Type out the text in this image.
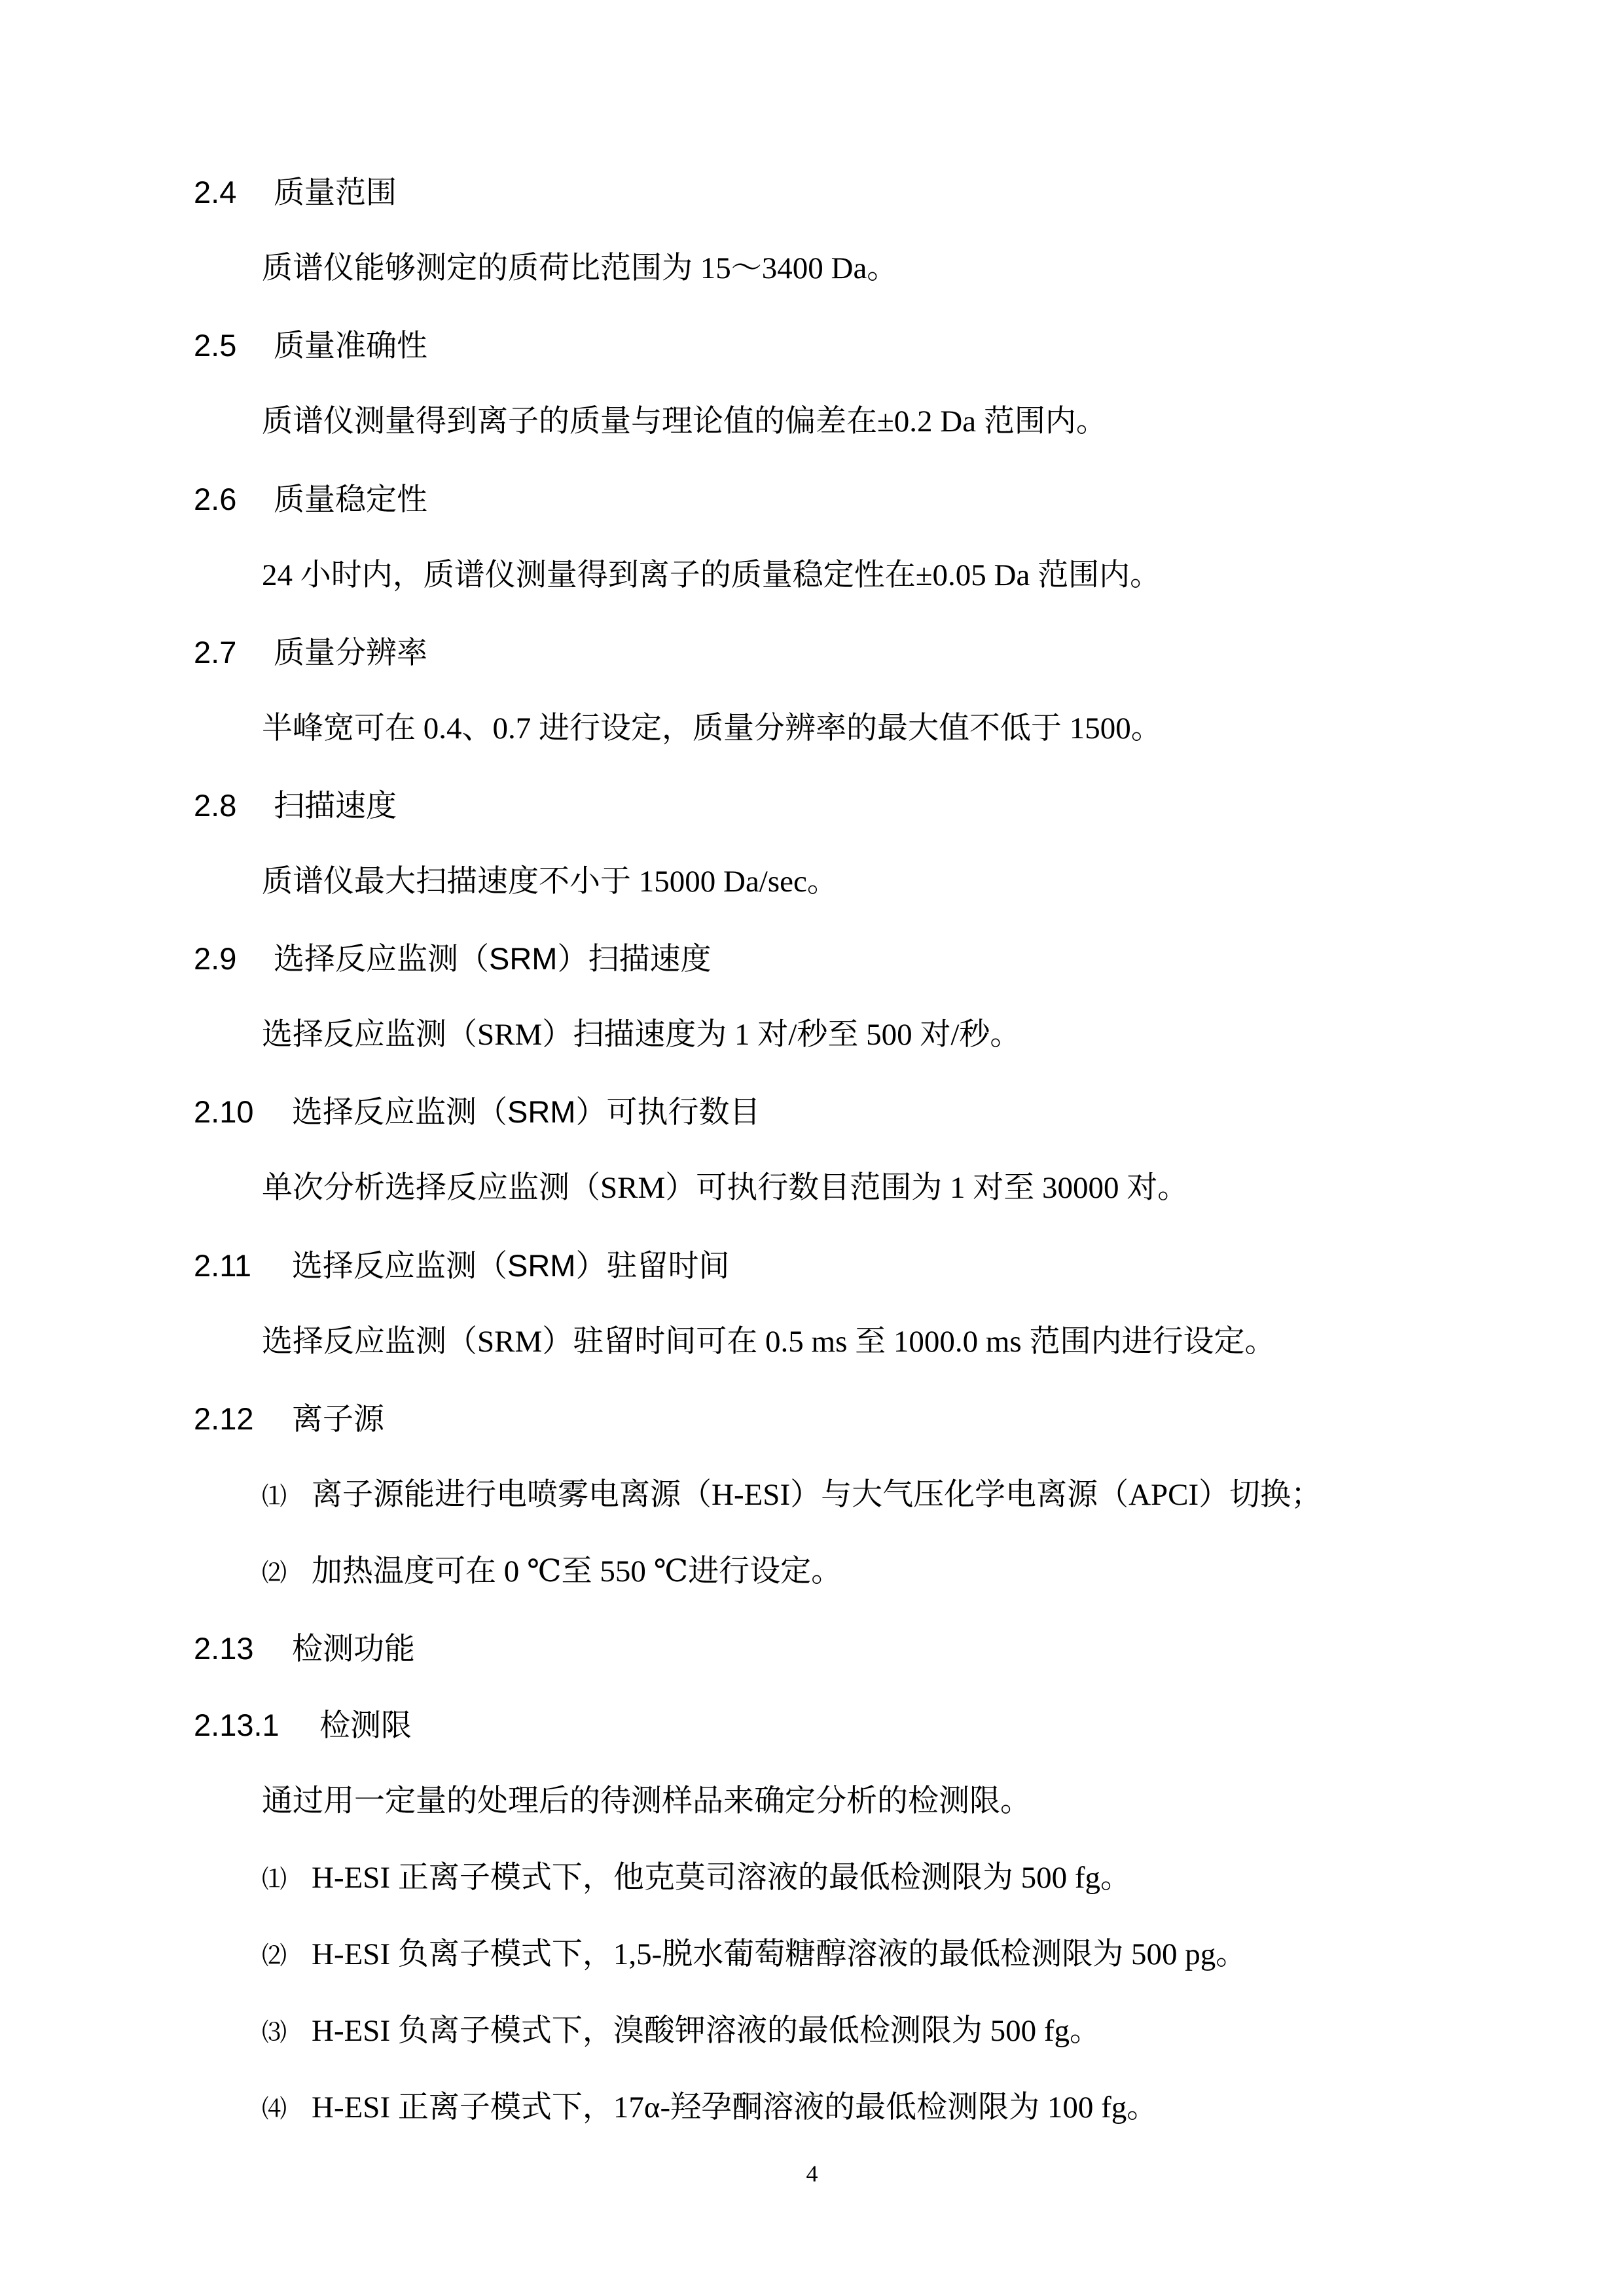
2.4 质量范围
质谱仪能够测定的质荷比范围为 15～3400 Da。
2.5 质量准确性
质谱仪测量得到离子的质量与理论值的偏差在±0.2 Da 范围内。
2.6 质量稳定性
24 小时内，质谱仪测量得到离子的质量稳定性在±0.05 Da 范围内。
2.7 质量分辨率
半峰宽可在 0.4、0.7 进行设定，质量分辨率的最大值不低于 1500。
2.8 扫描速度
质谱仪最大扫描速度不小于 15000 Da/sec。
2.9 选择反应监测（SRM）扫描速度
选择反应监测（SRM）扫描速度为 1 对/秒至 500 对/秒。
2.10 选择反应监测（SRM）可执行数目
单次分析选择反应监测（SRM）可执行数目范围为 1 对至 30000 对。
2.11 选择反应监测（SRM）驻留时间
选择反应监测（SRM）驻留时间可在 0.5 ms 至 1000.0 ms 范围内进行设定。
2.12 离子源
⑴ 离子源能进行电喷雾电离源（H-ESI）与大气压化学电离源（APCI）切换；
⑵ 加热温度可在 0 ℃至 550 ℃进行设定。
2.13 检测功能
2.13.1 检测限
通过用一定量的处理后的待测样品来确定分析的检测限。
⑴ H-ESI 正离子模式下，他克莫司溶液的最低检测限为 500 fg。
⑵ H-ESI 负离子模式下，1,5-脱水葡萄糖醇溶液的最低检测限为 500 pg。
⑶ H-ESI 负离子模式下，溴酸钾溶液的最低检测限为 500 fg。
⑷ H-ESI 正离子模式下，17α-羟孕酮溶液的最低检测限为 100 fg。
4
